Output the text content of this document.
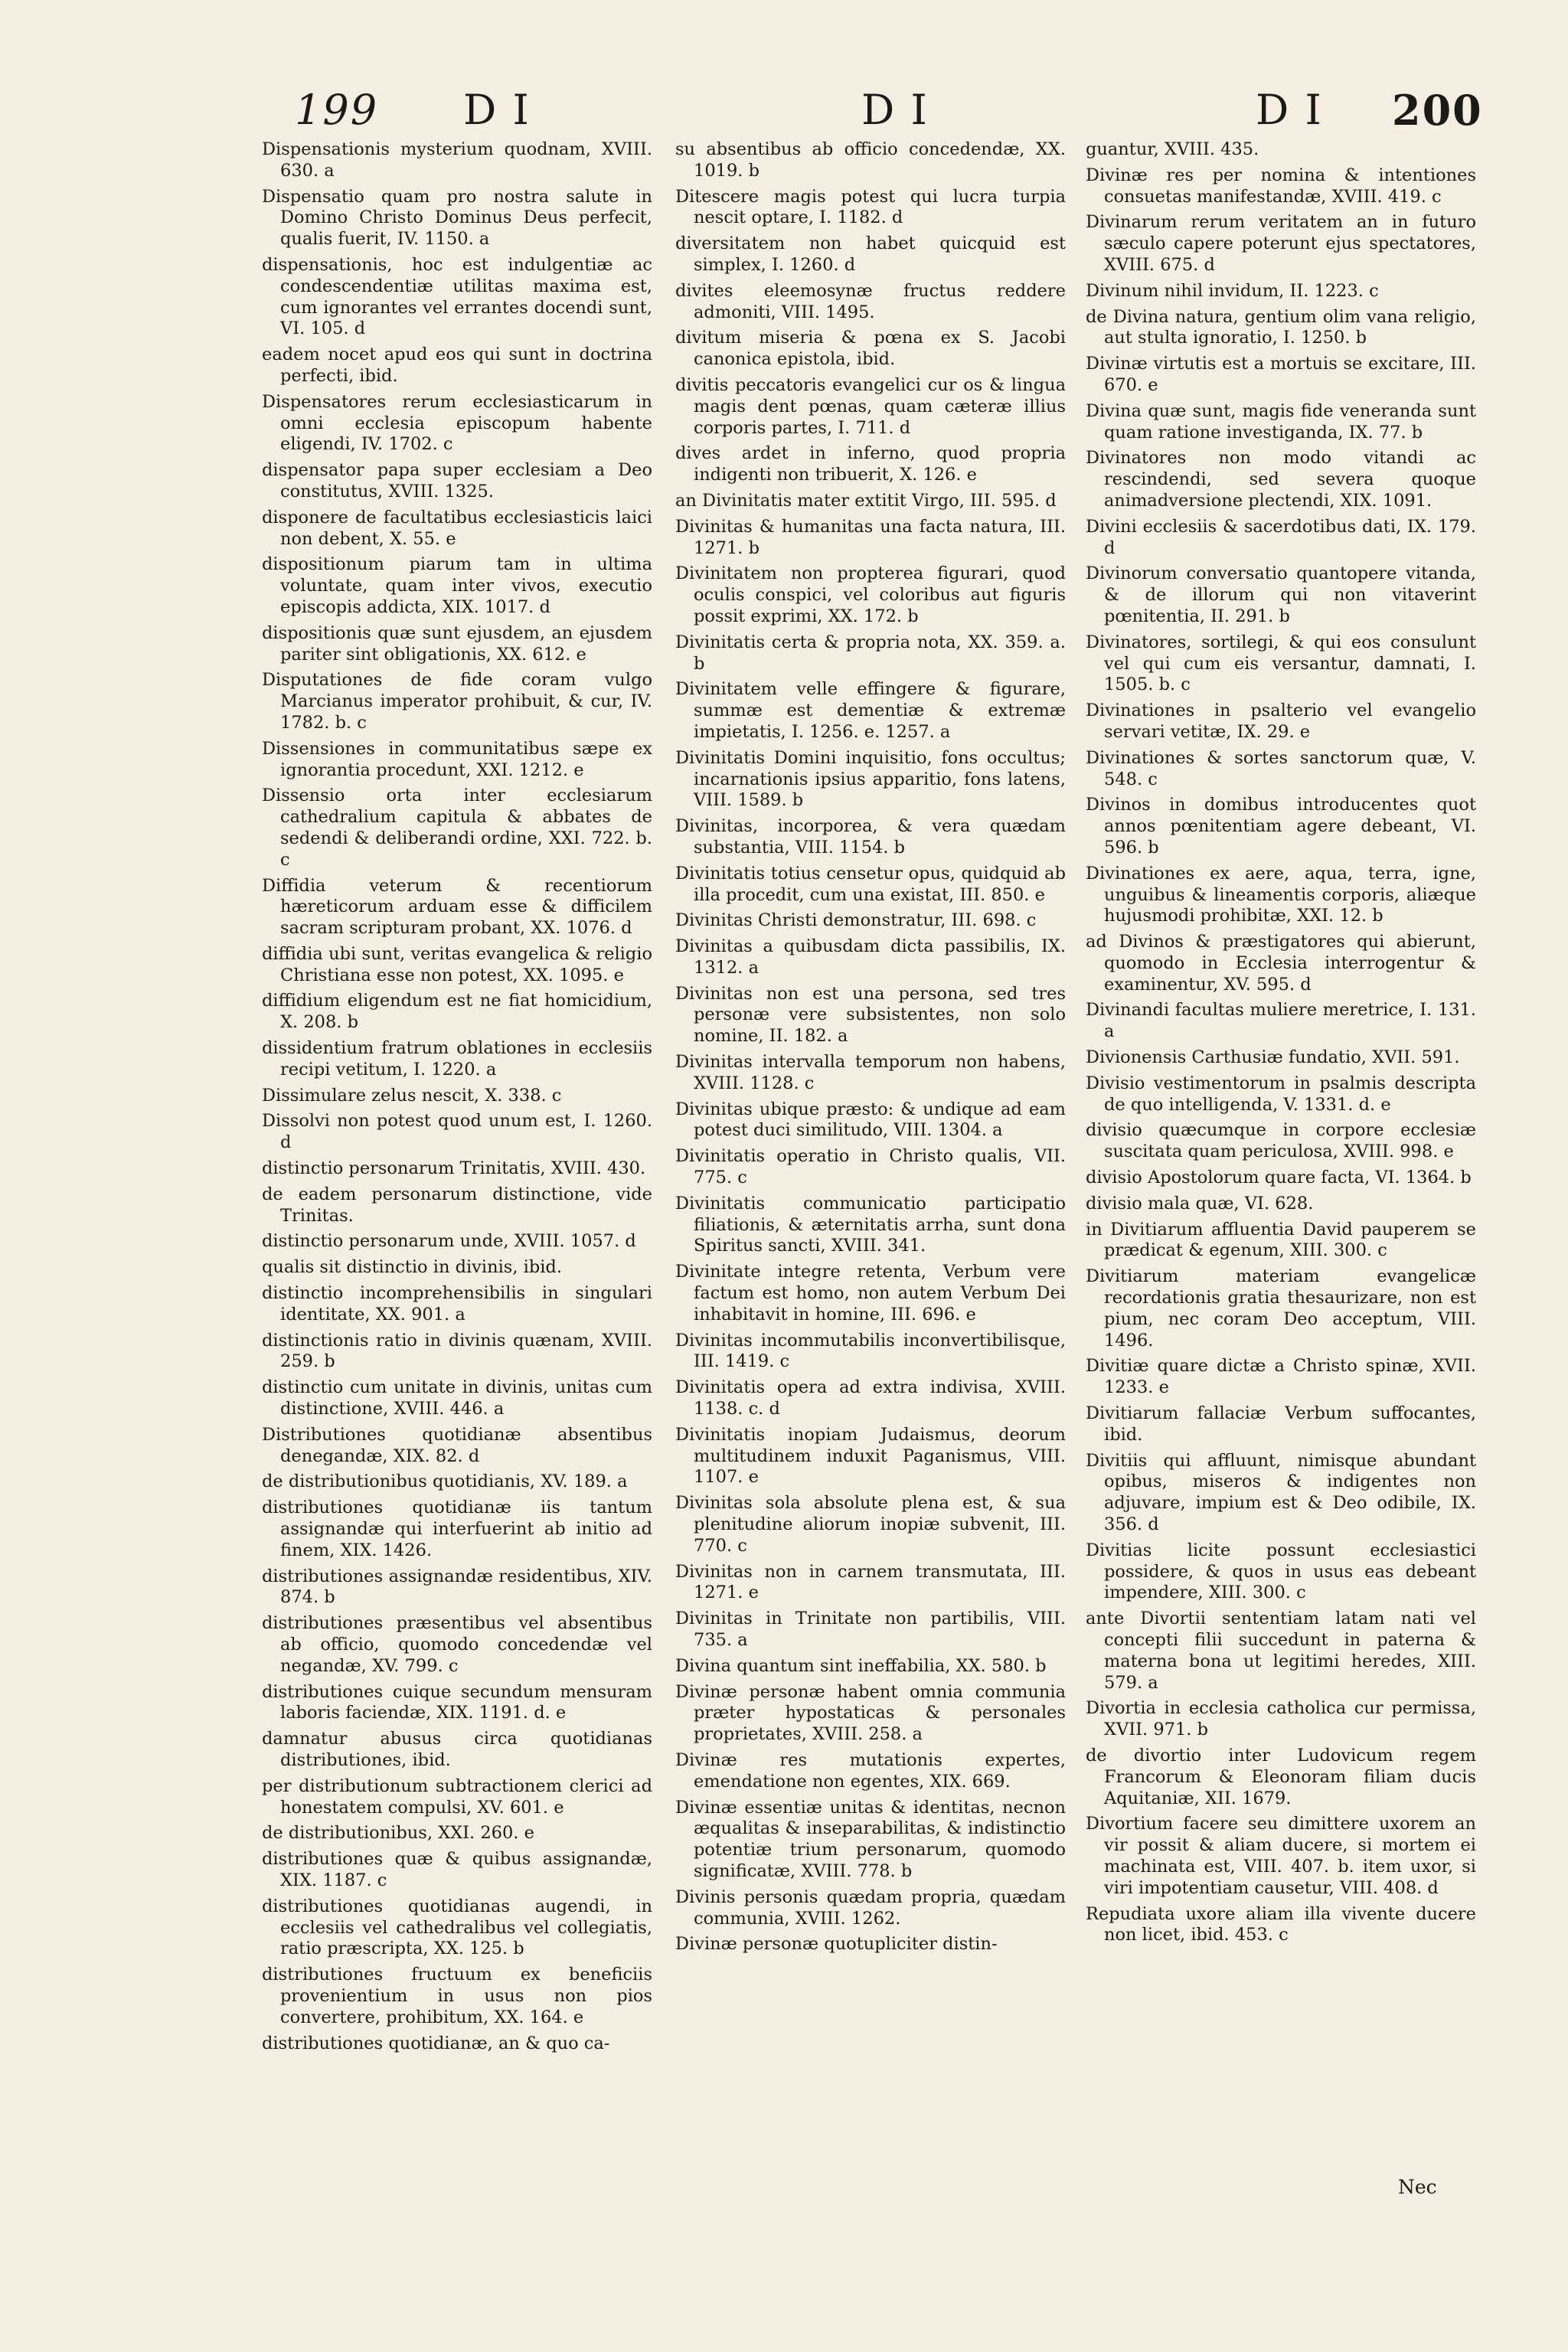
199 D I	D I	D I 200

Dispensationis mysterium quodnam, XVIII. 630. a

Dispensatio quam pro nostra salute in Domino Christo Dominus Deus perfecit, qualis fuerit, IV. 1150. a

dispensationis, hoc est indulgentiæ ac condescendentiæ utilitas maxima est, cum ignorantes vel errantes docendi sunt, VI. 105. d

eadem nocet apud eos qui sunt in doctrina perfecti, ibid.

Dispensatores rerum ecclesiasticarum in omni ecclesia episcopum habente eligendi, IV. 1702. c

dispensator papa super ecclesiam a Deo constitutus, XVIII. 1325.

disponere de facultatibus ecclesiasticis laici non debent, X. 55. e

dispositionum piarum tam in ultima voluntate, quam inter vivos, executio episcopis addicta, XIX. 1017. d

dispositionis quæ sunt ejusdem, an ejusdem pariter sint obligationis, XX. 612. e

Disputationes de fide coram vulgo Marcianus imperator prohibuit, & cur, IV. 1782. b. c

Dissensiones in communitatibus sæpe ex ignorantia procedunt, XXI. 1212. e

Dissensio orta inter ecclesiarum cathedralium capitula & abbates de sedendi & deliberandi ordine, XXI. 722. b. c

Diffidia veterum & recentiorum hæreticorum arduam esse & difficilem sacram scripturam probant, XX. 1076. d

diffidia ubi sunt, veritas evangelica & religio Christiana esse non potest, XX. 1095. e

diffidium eligendum est ne fiat homicidium, X. 208. b

dissidentium fratrum oblationes in ecclesiis recipi vetitum, I. 1220. a

Dissimulare zelus nescit, X. 338. c

Dissolvi non potest quod unum est, I. 1260. d

distinctio personarum Trinitatis, XVIII. 430.

de eadem personarum distinctione, vide Trinitas.

distinctio personarum unde, XVIII. 1057. d

qualis sit distinctio in divinis, ibid.

distinctio incomprehensibilis in singulari identitate, XX. 901. a

distinctionis ratio in divinis quænam, XVIII. 259. b

distinctio cum unitate in divinis, unitas cum distinctione, XVIII. 446. a

Distributiones quotidianæ absentibus denegandæ, XIX. 82. d

de distributionibus quotidianis, XV. 189. a

distributiones quotidianæ iis tantum assignandæ qui interfuerint ab initio ad finem, XIX. 1426.

distributiones assignandæ residentibus, XIV. 874. b

distributiones præsentibus vel absentibus ab officio, quomodo concedendæ vel negandæ, XV. 799. c

distributiones cuique secundum mensuram laboris faciendæ, XIX. 1191. d. e

damnatur abusus circa quotidianas distributiones, ibid.

per distributionum subtractionem clerici ad honestatem compulsi, XV. 601. e

de distributionibus, XXI. 260. e

distributiones quæ & quibus assignandæ, XIX. 1187. c

distributiones quotidianas augendi, in ecclesiis vel cathedralibus vel collegiatis, ratio præscripta, XX. 125. b

distributiones fructuum ex beneficiis provenientium in usus non pios convertere, prohibitum, XX. 164. e

distributiones quotidianæ, an & quo ca-

su absentibus ab officio concedendæ, XX. 1019. b

Ditescere magis potest qui lucra turpia nescit optare, I. 1182. d

diversitatem non habet quicquid est simplex, I. 1260. d

divites eleemosynæ fructus reddere admoniti, VIII. 1495.

divitum miseria & pœna ex S. Jacobi canonica epistola, ibid.

divitis peccatoris evangelici cur os & lingua magis dent pœnas, quam cæteræ illius corporis partes, I. 711. d

dives ardet in inferno, quod propria indigenti non tribuerit, X. 126. e

an Divinitatis mater extitit Virgo, III. 595. d

Divinitas & humanitas una facta natura, III. 1271. b

Divinitatem non propterea figurari, quod oculis conspici, vel coloribus aut figuris possit exprimi, XX. 172. b

Divinitatis certa & propria nota, XX. 359. a. b

Divinitatem velle effingere & figurare, summæ est dementiæ & extremæ impietatis, I. 1256. e. 1257. a

Divinitatis Domini inquisitio, fons occultus; incarnationis ipsius apparitio, fons latens, VIII. 1589. b

Divinitas, incorporea, & vera quædam substantia, VIII. 1154. b

Divinitatis totius censetur opus, quidquid ab illa procedit, cum una existat, III. 850. e

Divinitas Christi demonstratur, III. 698. c

Divinitas a quibusdam dicta passibilis, IX. 1312. a

Divinitas non est una persona, sed tres personæ vere subsistentes, non solo nomine, II. 182. a

Divinitas intervalla temporum non habens, XVIII. 1128. c

Divinitas ubique præsto: & undique ad eam potest duci similitudo, VIII. 1304. a

Divinitatis operatio in Christo qualis, VII. 775. c

Divinitatis communicatio participatio filiationis, & æternitatis arrha, sunt dona Spiritus sancti, XVIII. 341.

Divinitate integre retenta, Verbum vere factum est homo, non autem Verbum Dei inhabitavit in homine, III. 696. e

Divinitas incommutabilis inconvertibilisque, III. 1419. c

Divinitatis opera ad extra indivisa, XVIII. 1138. c. d

Divinitatis inopiam Judaismus, deorum multitudinem induxit Paganismus, VIII. 1107. e

Divinitas sola absolute plena est, & sua plenitudine aliorum inopiæ subvenit, III. 770. c

Divinitas non in carnem transmutata, III. 1271. e

Divinitas in Trinitate non partibilis, VIII. 735. a

Divina quantum sint ineffabilia, XX. 580. b

Divinæ personæ habent omnia communia præter hypostaticas & personales proprietates, XVIII. 258. a

Divinæ res mutationis expertes, emendatione non egentes, XIX. 669.

Divinæ essentiæ unitas & identitas, necnon æqualitas & inseparabilitas, & indistinctio potentiæ trium personarum, quomodo significatæ, XVIII. 778. b

Divinis personis quædam propria, quædam communia, XVIII. 1262.

Divinæ personæ quotupliciter distin-

guantur, XVIII. 435.

Divinæ res per nomina & intentiones consuetas manifestandæ, XVIII. 419. c

Divinarum rerum veritatem an in futuro sæculo capere poterunt ejus spectatores, XVIII. 675. d

Divinum nihil invidum, II. 1223. c

de Divina natura, gentium olim vana religio, aut stulta ignoratio, I. 1250. b

Divinæ virtutis est a mortuis se excitare, III. 670. e

Divina quæ sunt, magis fide veneranda sunt quam ratione investiganda, IX. 77. b

Divinatores non modo vitandi ac rescindendi, sed severa quoque animadversione plectendi, XIX. 1091.

Divini ecclesiis & sacerdotibus dati, IX. 179. d

Divinorum conversatio quantopere vitanda, & de illorum qui non vitaverint pœnitentia, II. 291. b

Divinatores, sortilegi, & qui eos consulunt vel qui cum eis versantur, damnati, I. 1505. b. c

Divinationes in psalterio vel evangelio servari vetitæ, IX. 29. e

Divinationes & sortes sanctorum quæ, V. 548. c

Divinos in domibus introducentes quot annos pœnitentiam agere debeant, VI. 596. b

Divinationes ex aere, aqua, terra, igne, unguibus & lineamentis corporis, aliæque hujusmodi prohibitæ, XXI. 12. b

ad Divinos & præstigatores qui abierunt, quomodo in Ecclesia interrogentur & examinentur, XV. 595. d

Divinandi facultas muliere meretrice, I. 131. a

Divionensis Carthusiæ fundatio, XVII. 591.

Divisio vestimentorum in psalmis descripta de quo intelligenda, V. 1331. d. e

divisio quæcumque in corpore ecclesiæ suscitata quam periculosa, XVIII. 998. e

divisio Apostolorum quare facta, VI. 1364. b

divisio mala quæ, VI. 628.

in Divitiarum affluentia David pauperem se prædicat & egenum, XIII. 300. c

Divitiarum materiam evangelicæ recordationis gratia thesaurizare, non est pium, nec coram Deo acceptum, VIII. 1496.

Divitiæ quare dictæ a Christo spinæ, XVII. 1233. e

Divitiarum fallaciæ Verbum suffocantes, ibid.

Divitiis qui affluunt, nimisque abundant opibus, miseros & indigentes non adjuvare, impium est & Deo odibile, IX. 356. d

Divitias licite possunt ecclesiastici possidere, & quos in usus eas debeant impendere, XIII. 300. c

ante Divortii sententiam latam nati vel concepti filii succedunt in paterna & materna bona ut legitimi heredes, XIII. 579. a

Divortia in ecclesia catholica cur permissa, XVII. 971. b

de divortio inter Ludovicum regem Francorum & Eleonoram filiam ducis Aquitaniæ, XII. 1679.

Divortium facere seu dimittere uxorem an vir possit & aliam ducere, si mortem ei machinata est, VIII. 407. b. item uxor, si viri impotentiam causetur, VIII. 408. d

Repudiata uxore aliam illa vivente ducere non licet, ibid. 453. c

Nec
